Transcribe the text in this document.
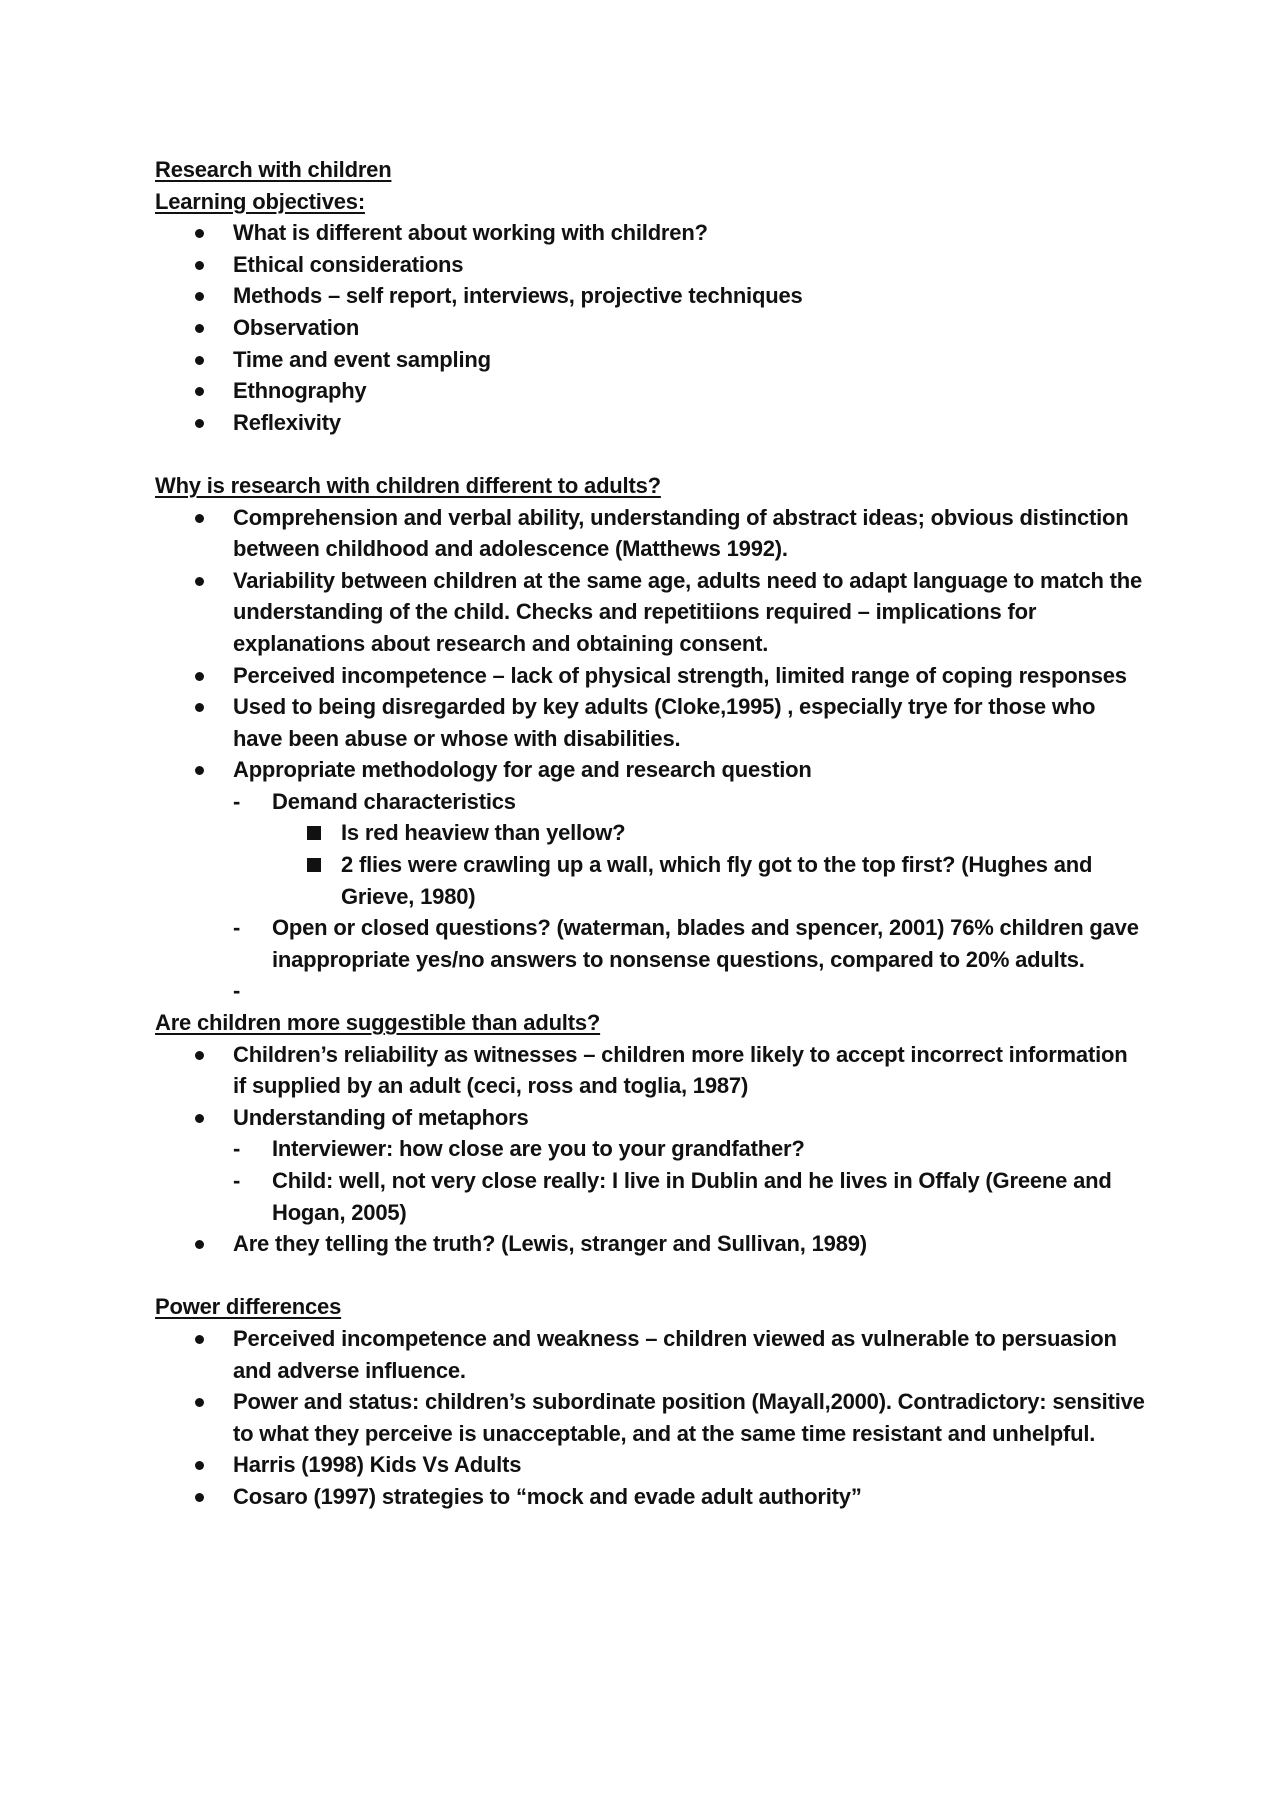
Research with children
Learning objectives:
What is different about working with children?
Ethical considerations
Methods – self report, interviews, projective techniques
Observation
Time and event sampling
Ethnography
Reflexivity
Why is research with children different to adults?
Comprehension and verbal ability, understanding of abstract ideas; obvious distinction between childhood and adolescence (Matthews 1992).
Variability between children at the same age, adults need to adapt language to match the understanding of the child. Checks and repetitiions required – implications for explanations about research and obtaining consent.
Perceived incompetence – lack of physical strength, limited range of coping responses
Used to being disregarded by key adults (Cloke,1995) , especially trye for those who have been abuse or whose with disabilities.
Appropriate methodology for age and research question
- Demand characteristics
Is red heaview than yellow?
2 flies were crawling up a wall, which fly got to the top first? (Hughes and Grieve, 1980)
- Open or closed questions? (waterman, blades and spencer, 2001) 76% children gave inappropriate yes/no answers to nonsense questions, compared to 20% adults.
-
Are children more suggestible than adults?
Children’s reliability as witnesses – children more likely to accept incorrect information if supplied by an adult (ceci, ross and toglia, 1987)
Understanding of metaphors
- Interviewer: how close are you to your grandfather?
- Child: well, not very close really: I live in Dublin and he lives in Offaly (Greene and Hogan, 2005)
Are they telling the truth? (Lewis, stranger and Sullivan, 1989)
Power differences
Perceived incompetence and weakness – children viewed as vulnerable to persuasion and adverse influence.
Power and status: children’s subordinate position (Mayall,2000). Contradictory: sensitive to what they perceive is unacceptable, and at the same time resistant and unhelpful.
Harris (1998) Kids Vs Adults
Cosaro (1997) strategies to “mock and evade adult authority”
